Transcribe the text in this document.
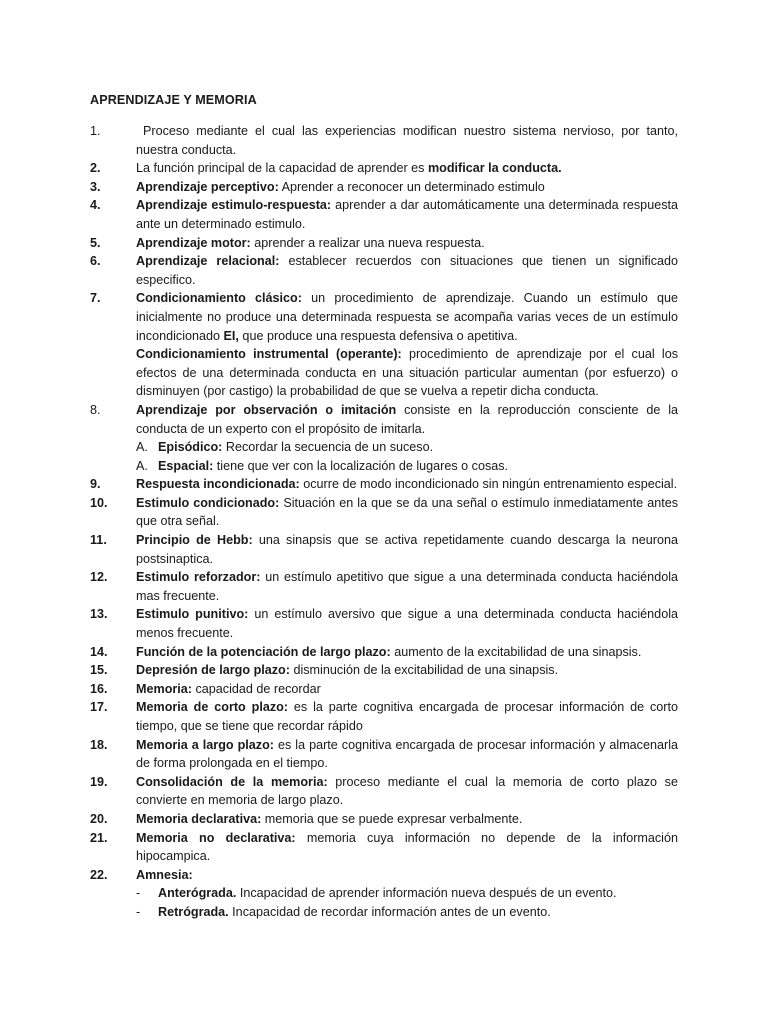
APRENDIZAJE Y MEMORIA
1.	Proceso mediante el cual las experiencias modifican nuestro sistema nervioso, por tanto, nuestra conducta.
2.	La función principal de la capacidad de aprender es modificar la conducta.
3.	Aprendizaje perceptivo: Aprender a reconocer un determinado estimulo
4.	Aprendizaje estimulo-respuesta: aprender a dar automáticamente una determinada respuesta ante un determinado estimulo.
5.	Aprendizaje motor: aprender a realizar una nueva respuesta.
6.	Aprendizaje relacional: establecer recuerdos con situaciones que tienen un significado especifico.
7.	Condicionamiento clásico: un procedimiento de aprendizaje. Cuando un estímulo que inicialmente no produce una determinada respuesta se acompaña varias veces de un estímulo incondicionado EI, que produce una respuesta defensiva o apetitiva.
Condicionamiento instrumental (operante): procedimiento de aprendizaje por el cual los efectos de una determinada conducta en una situación particular aumentan (por esfuerzo) o disminuyen (por castigo) la probabilidad de que se vuelva a repetir dicha conducta.
8.	Aprendizaje por observación o imitación consiste en la reproducción consciente de la conducta de un experto con el propósito de imitarla.
A. Episódico: Recordar la secuencia de un suceso.
A. Espacial: tiene que ver con la localización de lugares o cosas.
9.	Respuesta incondicionada: ocurre de modo incondicionado sin ningún entrenamiento especial.
10.	Estimulo condicionado: Situación en la que se da una señal o estímulo inmediatamente antes que otra señal.
11.	Principio de Hebb: una sinapsis que se activa repetidamente cuando descarga la neurona postsinaptica.
12.	Estimulo reforzador: un estímulo apetitivo que sigue a una determinada conducta haciéndola mas frecuente.
13.	Estimulo punitivo: un estímulo aversivo que sigue a una determinada conducta haciéndola menos frecuente.
14.	Función de la potenciación de largo plazo: aumento de la excitabilidad de una sinapsis.
15.	Depresión de largo plazo: disminución de la excitabilidad de una sinapsis.
16.	Memoria: capacidad de recordar
17.	Memoria de corto plazo: es la parte cognitiva encargada de procesar información de corto tiempo, que se tiene que recordar rápido
18.	Memoria a largo plazo: es la parte cognitiva encargada de procesar información y almacenarla de forma prolongada en el tiempo.
19.	Consolidación de la memoria: proceso mediante el cual la memoria de corto plazo se convierte en memoria de largo plazo.
20.	Memoria declarativa: memoria que se puede expresar verbalmente.
21.	Memoria no declarativa: memoria cuya información no depende de la información hipocampica.
22.	Amnesia:
-	Anterógrada. Incapacidad de aprender información nueva después de un evento.
-	Retrógrada. Incapacidad de recordar información antes de un evento.
